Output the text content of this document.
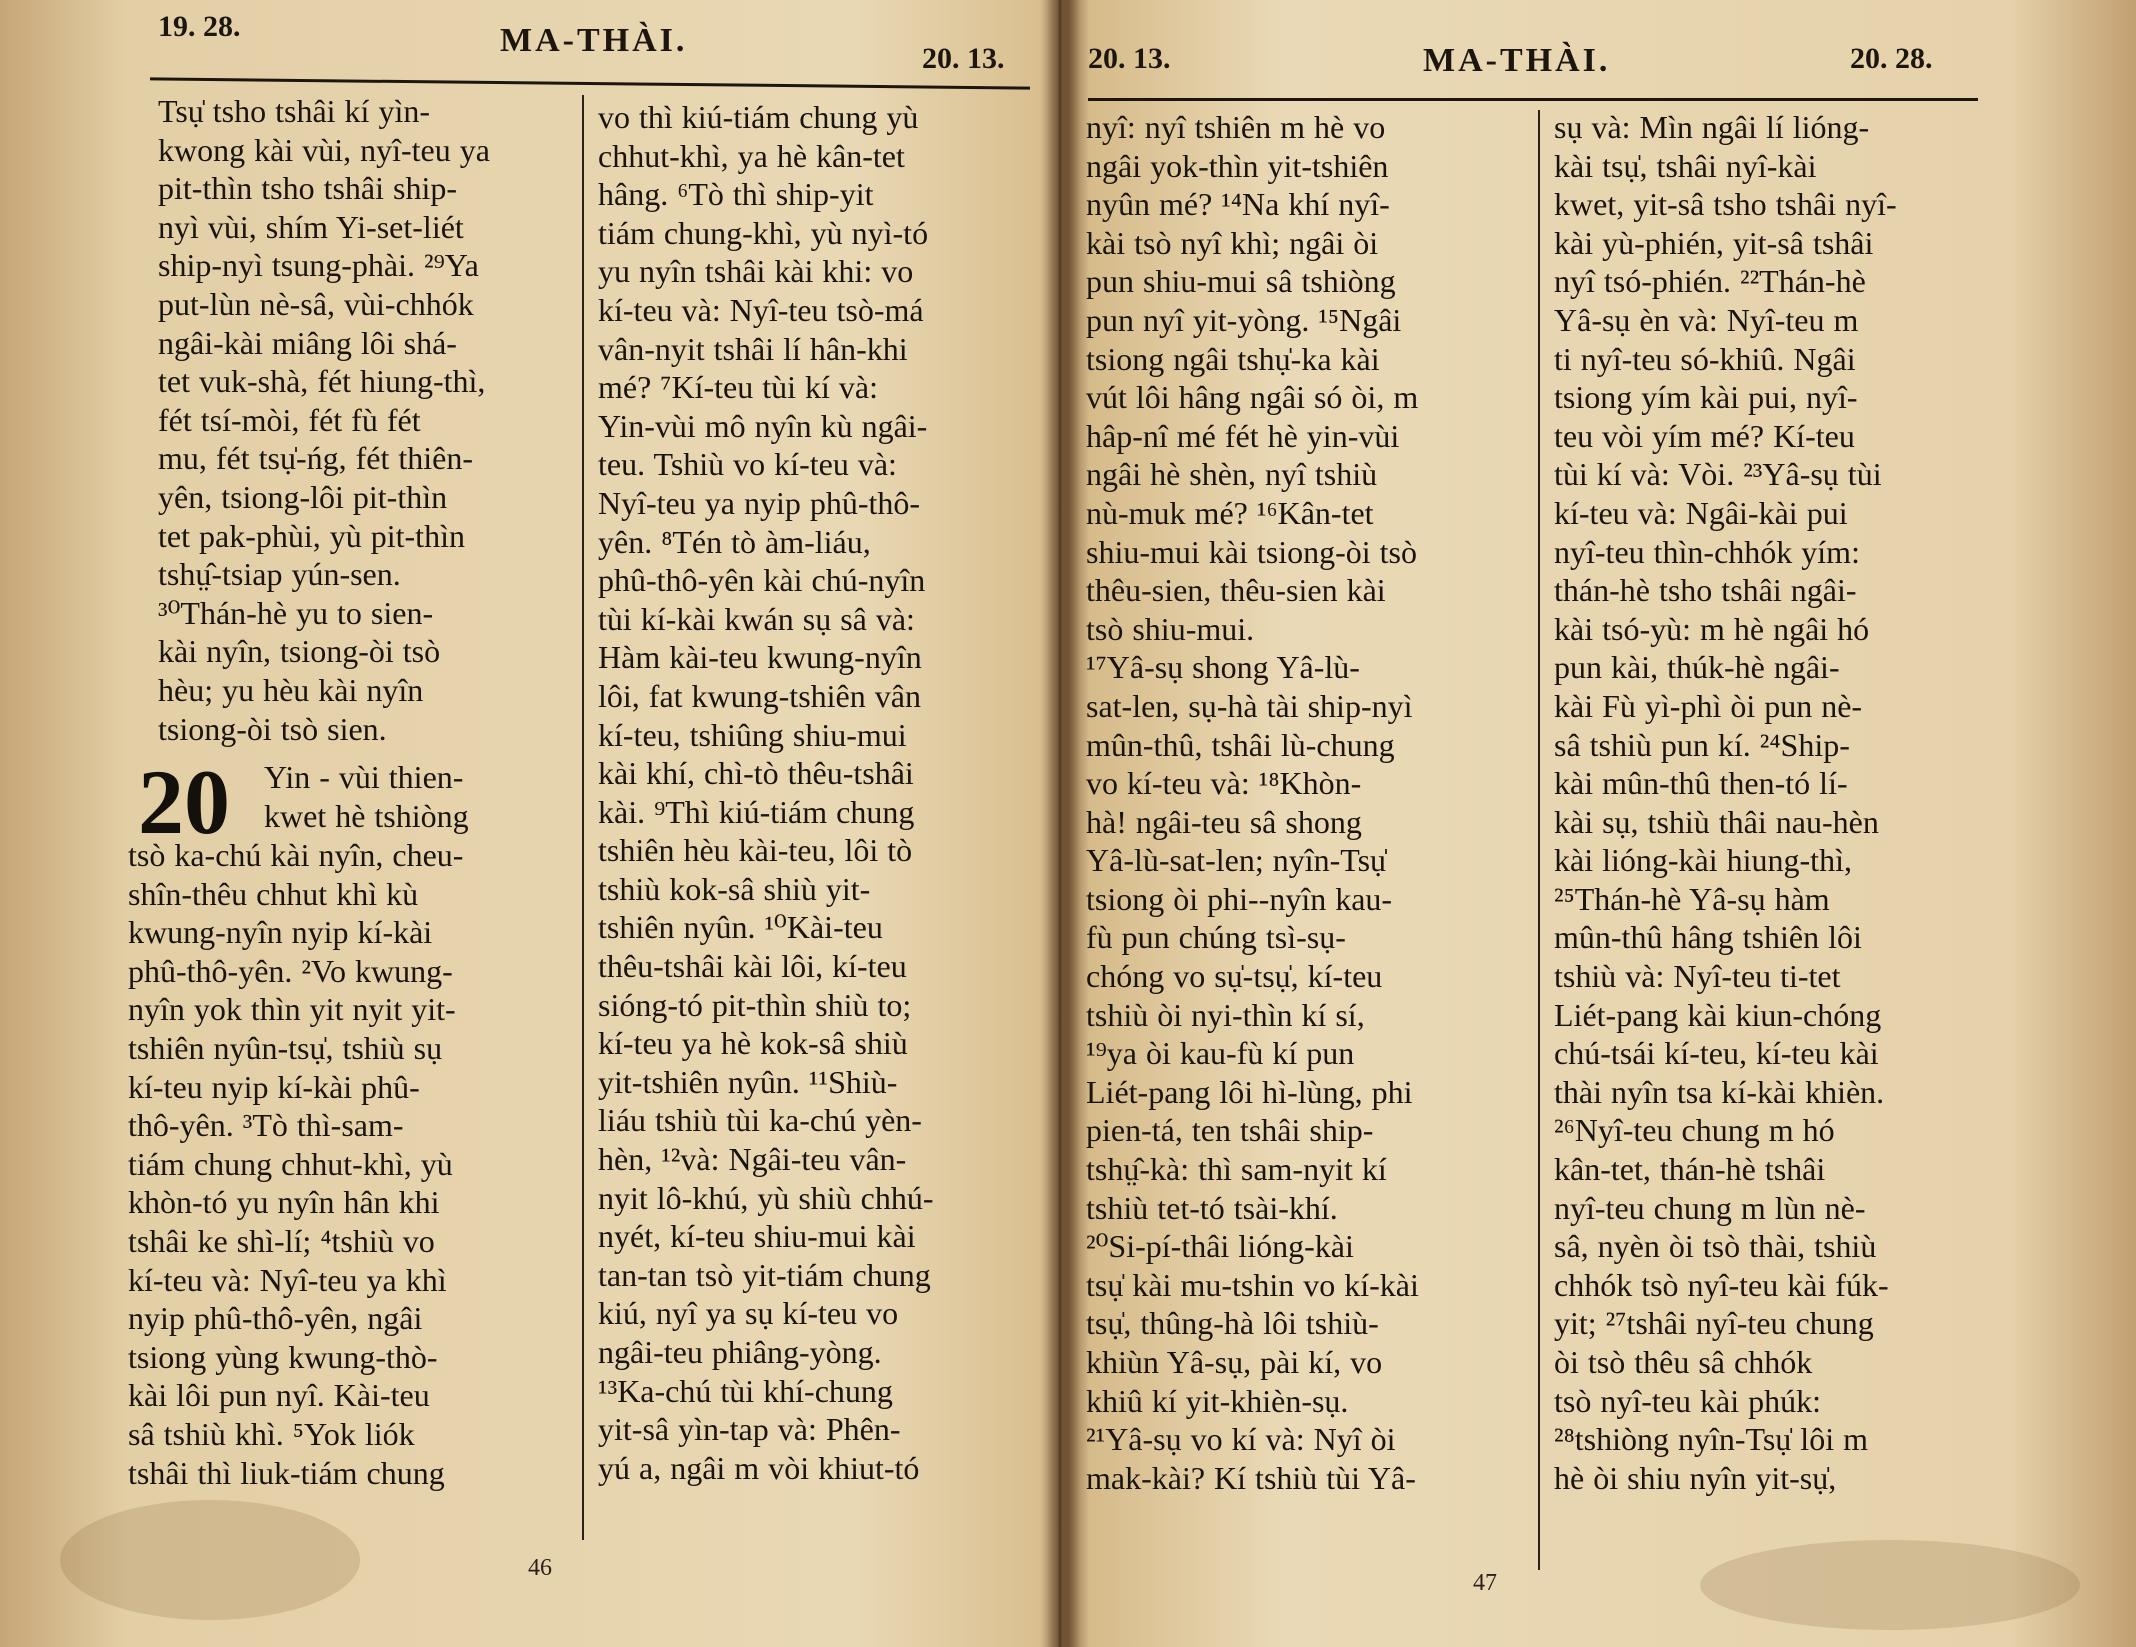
19. 28.	MA-THÀI.	20. 13.
Tsụ̍ tsho tshâi kí yìn-
kwong kài vùi, nyî-teu ya
pit-thìn tsho tshâi ship-
nyì vùi, shím Yi-set-liét
ship-nyì tsung-phài. ²⁹Ya
put-lùn nè-sâ, vùi-chhók
ngâi-kài miâng lôi shá-
tet vuk-shà, fét hiung-thì,
fét tsí-mòi, fét fù fét
mu, fét tsụ̍-ńg, fét thiên-
yên, tsiong-lôi pit-thìn
tet pak-phùi, yù pit-thìn
tshṳ̂-tsiap yún-sen.
³⁰Thán-hè yu to sien-
kài nyîn, tsiong-òi tsò
hèu; yu hèu kài nyîn
tsiong-òi tsò sien.
20 Yin - vùi thien-
kwet hè tshiòng
tsò ka-chú kài nyîn, cheu-
shîn-thêu chhut khì kù
kwung-nyîn nyip kí-kài
phû-thô-yên. ²Vo kwung-
nyîn yok thìn yit nyit yit-
tshiên nyûn-tsụ̍, tshiù sụ
kí-teu nyip kí-kài phû-
thô-yên. ³Tò thì-sam-
tiám chung chhut-khì, yù
khòn-tó yu nyîn hân khi
tshâi ke shì-lí; ⁴tshiù vo
kí-teu và: Nyî-teu ya khì
nyip phû-thô-yên, ngâi
tsiong yùng kwung-thò-
kài lôi pun nyî. Kài-teu
sâ tshiù khì. ⁵Yok liók
tshâi thì liuk-tiám chung
vo thì kiú-tiám chung yù
chhut-khì, ya hè kân-tet
hâng. ⁶Tò thì ship-yit
tiám chung-khì, yù nyì-tó
yu nyîn tshâi kài khi: vo
kí-teu và: Nyî-teu tsò-má
vân-nyit tshâi lí hân-khi
mé? ⁷Kí-teu tùi kí và:
Yin-vùi mô nyîn kù ngâi-
teu. Tshiù vo kí-teu và:
Nyî-teu ya nyip phû-thô-
yên. ⁸Tén tò àm-liáu,
phû-thô-yên kài chú-nyîn
tùi kí-kài kwán sụ sâ và:
Hàm kài-teu kwung-nyîn
lôi, fat kwung-tshiên vân
kí-teu, tshiûng shiu-mui
kài khí, chì-tò thêu-tshâi
kài. ⁹Thì kiú-tiám chung
tshiên hèu kài-teu, lôi tò
tshiù kok-sâ shiù yit-
tshiên nyûn. ¹⁰Kài-teu
thêu-tshâi kài lôi, kí-teu
sióng-tó pit-thìn shiù to;
kí-teu ya hè kok-sâ shiù
yit-tshiên nyûn. ¹¹Shiù-
liáu tshiù tùi ka-chú yèn-
hèn, ¹²và: Ngâi-teu vân-
nyit lô-khú, yù shiù chhú-
nyét, kí-teu shiu-mui kài
tan-tan tsò yit-tiám chung
kiú, nyî ya sụ kí-teu vo
ngâi-teu phiâng-yòng.
¹³Ka-chú tùi khí-chung
yit-sâ yìn-tap và: Phên-
yú a, ngâi m vòi khiut-tó
46
20. 13.	MA-THÀI.	20. 28.
nyî: nyî tshiên m hè vo
ngâi yok-thìn yit-tshiên
nyûn mé? ¹⁴Na khí nyî-
kài tsò nyî khì; ngâi òi
pun shiu-mui sâ tshiòng
pun nyî yit-yòng. ¹⁵Ngâi
tsiong ngâi tshụ̍-ka kài
vút lôi hâng ngâi só òi, m
hâp-nî mé fét hè yin-vùi
ngâi hè shèn, nyî tshiù
nù-muk mé? ¹⁶Kân-tet
shiu-mui kài tsiong-òi tsò
thêu-sien, thêu-sien kài
tsò shiu-mui.
¹⁷Yâ-sụ shong Yâ-lù-
sat-len, sụ-hà tài ship-nyì
mûn-thû, tshâi lù-chung
vo kí-teu và: ¹⁸Khòn-
hà! ngâi-teu sâ shong
Yâ-lù-sat-len; nyîn-Tsụ̍
tsiong òi phi--nyîn kau-
fù pun chúng tsì-sụ-
chóng vo sụ̍-tsụ̍, kí-teu
tshiù òi nyi-thìn kí sí,
¹⁹ya òi kau-fù kí pun
Liét-pang lôi hì-lùng, phi
pien-tá, ten tshâi ship-
tshṳ̂-kà: thì sam-nyit kí
tshiù tet-tó tsài-khí.
²⁰Si-pí-thâi lióng-kài
tsụ̍ kài mu-tshin vo kí-kài
tsụ̍, thûng-hà lôi tshiù-
khiùn Yâ-sụ, pài kí, vo
khiû kí yit-khièn-sụ.
²¹Yâ-sụ vo kí và: Nyî òi
mak-kài? Kí tshiù tùi Yâ-
sụ và: Mìn ngâi lí lióng-
kài tsụ̍, tshâi nyî-kài
kwet, yit-sâ tsho tshâi nyî-
kài yù-phién, yit-sâ tshâi
nyî tsó-phién. ²²Thán-hè
Yâ-sụ èn và: Nyî-teu m
ti nyî-teu só-khiû. Ngâi
tsiong yím kài pui, nyî-
teu vòi yím mé? Kí-teu
tùi kí và: Vòi. ²³Yâ-sụ tùi
kí-teu và: Ngâi-kài pui
nyî-teu thìn-chhók yím:
thán-hè tsho tshâi ngâi-
kài tsó-yù: m hè ngâi hó
pun kài, thúk-hè ngâi-
kài Fù yì-phì òi pun nè-
sâ tshiù pun kí. ²⁴Ship-
kài mûn-thû then-tó lí-
kài sụ, tshiù thâi nau-hèn
kài lióng-kài hiung-thì,
²⁵Thán-hè Yâ-sụ hàm
mûn-thû hâng tshiên lôi
tshiù và: Nyî-teu ti-tet
Liét-pang kài kiun-chóng
chú-tsái kí-teu, kí-teu kài
thài nyîn tsa kí-kài khièn.
²⁶Nyî-teu chung m hó
kân-tet, thán-hè tshâi
nyî-teu chung m lùn nè-
sâ, nyèn òi tsò thài, tshiù
chhók tsò nyî-teu kài fúk-
yit; ²⁷tshâi nyî-teu chung
òi tsò thêu sâ chhók
tsò nyî-teu kài phúk:
²⁸tshiòng nyîn-Tsụ̍ lôi m
hè òi shiu nyîn yit-sụ̍,
47
